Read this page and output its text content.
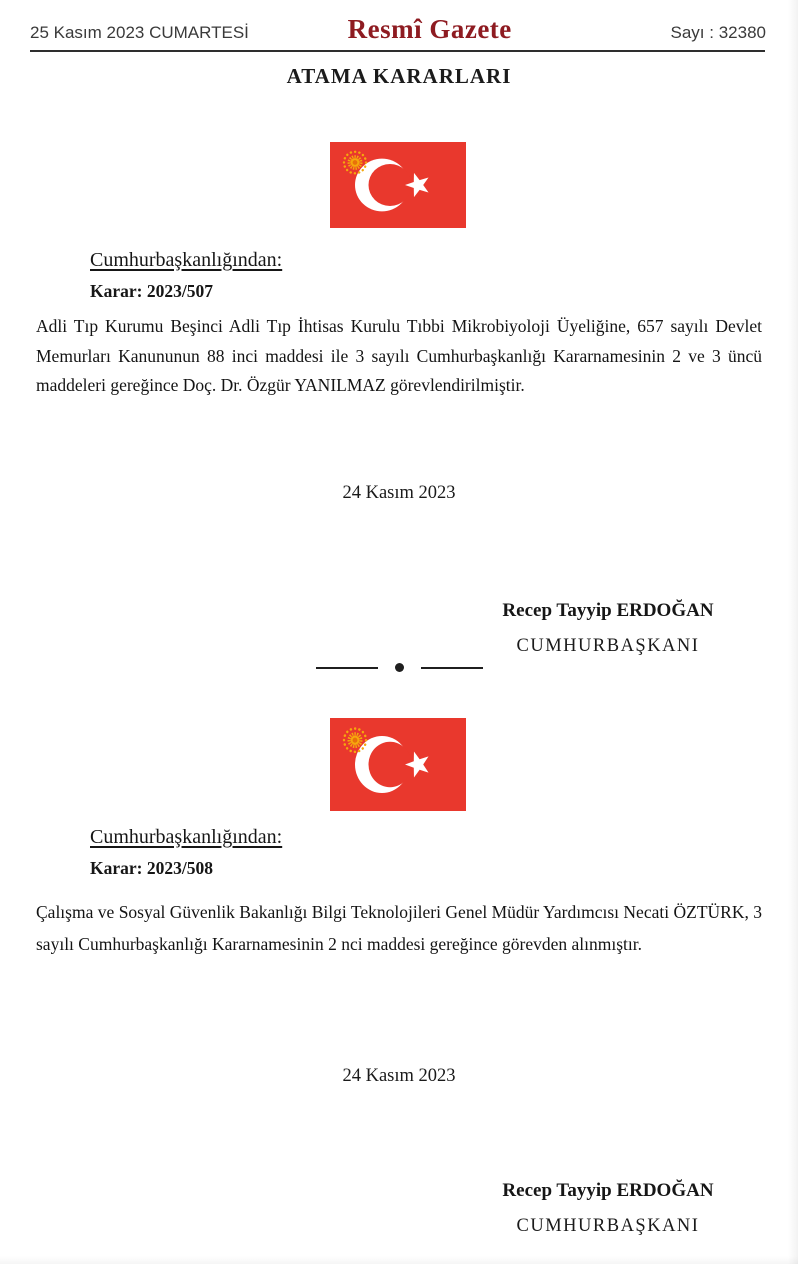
25 Kasım 2023 CUMARTESİ	Resmî Gazete	Sayı : 32380
ATAMA KARARLARI
Cumhurbaşkanlığından:
Karar: 2023/507
Adli Tıp Kurumu Beşinci Adli Tıp İhtisas Kurulu Tıbbi Mikrobiyoloji Üyeliğine, 657 sayılı Devlet Memurları Kanununun 88 inci maddesi ile 3 sayılı Cumhurbaşkanlığı Kararnamesinin 2 ve 3 üncü maddeleri gereğince Doç. Dr. Özgür YANILMAZ görevlendirilmiştir.
24 Kasım 2023
Recep Tayyip ERDOĞAN
CUMHURBAŞKANI
Cumhurbaşkanlığından:
Karar: 2023/508
Çalışma ve Sosyal Güvenlik Bakanlığı Bilgi Teknolojileri Genel Müdür Yardımcısı Necati ÖZTÜRK, 3 sayılı Cumhurbaşkanlığı Kararnamesinin 2 nci maddesi gereğince görevden alınmıştır.
24 Kasım 2023
Recep Tayyip ERDOĞAN
CUMHURBAŞKANI
